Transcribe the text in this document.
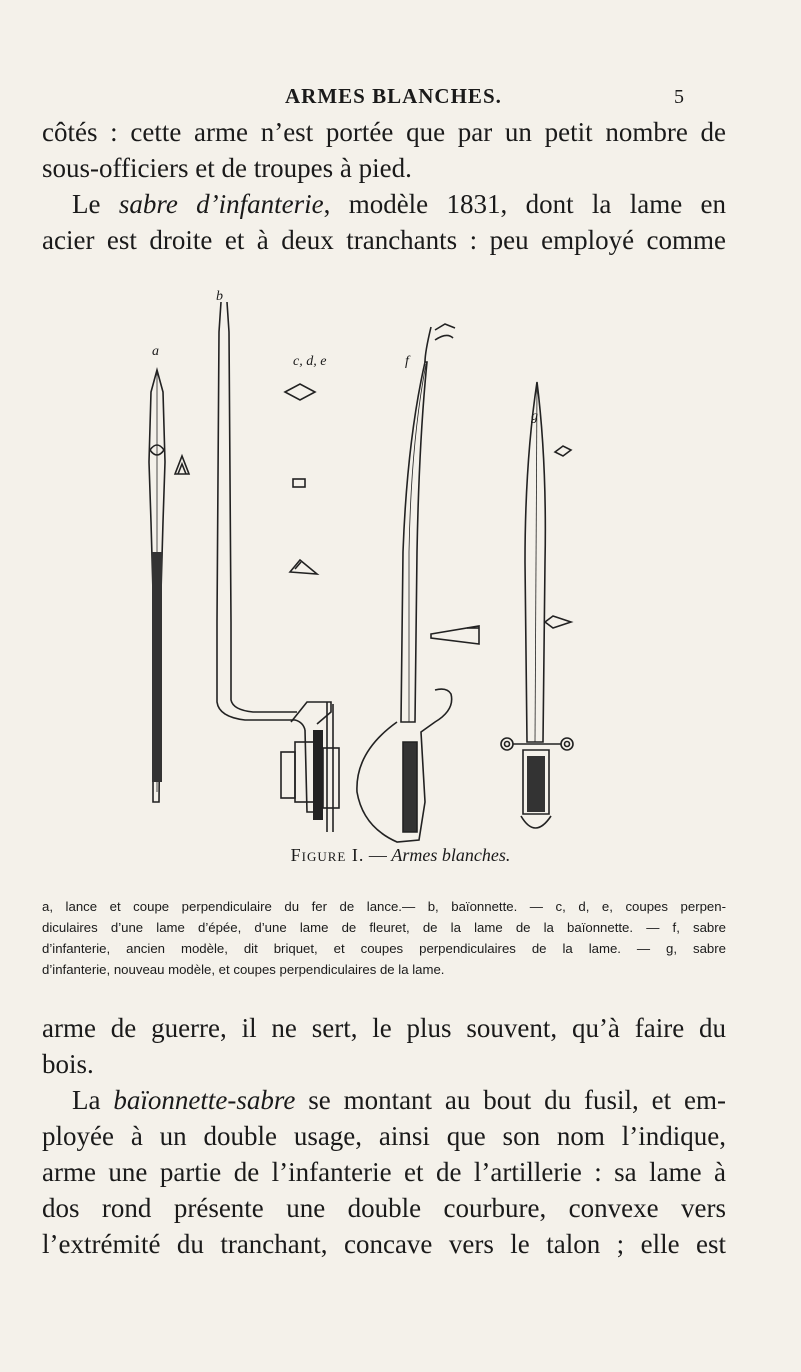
ARMES BLANCHES.	5
côtés : cette arme n’est portée que par un petit nombre de
sous-officiers et de troupes à pied.
Le sabre d’infanterie, modèle 1831, dont la lame en
acier est droite et à deux tranchants : peu employé comme
b
a
c, d, e	f
g
Figure I. — Armes blanches.
a, lance et coupe perpendiculaire du fer de lance.— b, baïonnette. — c, d, e, coupes perpen-
diculaires d’une lame d’épée, d’une lame de fleuret, de la lame de la baïonnette. — f, sabre
d’infanterie, ancien modèle, dit briquet, et coupes perpendiculaires de la lame. — g, sabre
d’infanterie, nouveau modèle, et coupes perpendiculaires de la lame.
arme de guerre, il ne sert, le plus souvent, qu’à faire du
bois.
La baïonnette-sabre se montant au bout du fusil, et em-
ployée à un double usage, ainsi que son nom l’indique,
arme une partie de l’infanterie et de l’artillerie : sa lame à
dos rond présente une double courbure, convexe vers
l’extrémité du tranchant, concave vers le talon ; elle est
